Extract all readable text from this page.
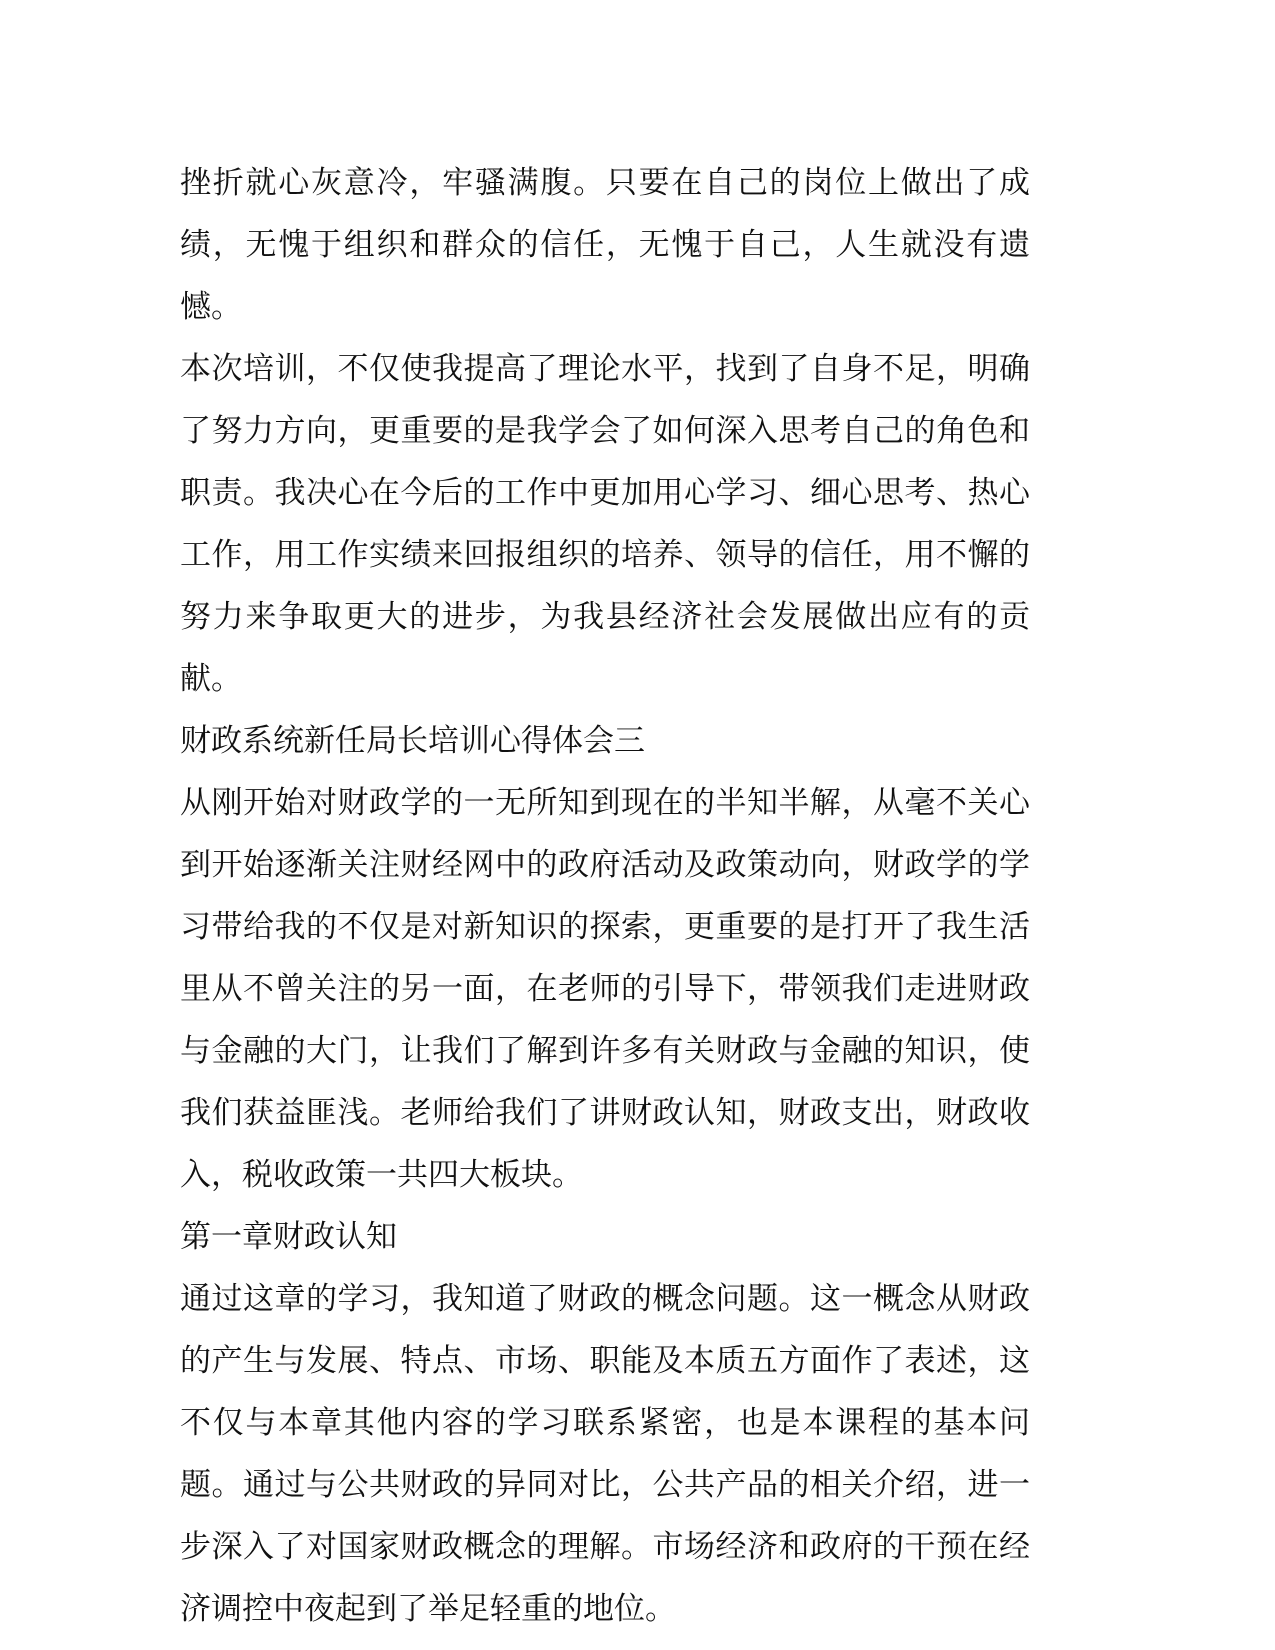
挫折就心灰意冷，牢骚满腹。只要在自己的岗位上做出了成绩，无愧于组织和群众的信任，无愧于自己，人生就没有遗憾。

本次培训，不仅使我提高了理论水平，找到了自身不足，明确了努力方向，更重要的是我学会了如何深入思考自己的角色和职责。我决心在今后的工作中更加用心学习、细心思考、热心工作，用工作实绩来回报组织的培养、领导的信任，用不懈的努力来争取更大的进步，为我县经济社会发展做出应有的贡献。

财政系统新任局长培训心得体会三

从刚开始对财政学的一无所知到现在的半知半解，从毫不关心到开始逐渐关注财经网中的政府活动及政策动向，财政学的学习带给我的不仅是对新知识的探索，更重要的是打开了我生活里从不曾关注的另一面，在老师的引导下，带领我们走进财政与金融的大门，让我们了解到许多有关财政与金融的知识，使我们获益匪浅。老师给我们了讲财政认知，财政支出，财政收入，税收政策一共四大板块。

第一章财政认知

通过这章的学习，我知道了财政的概念问题。这一概念从财政的产生与发展、特点、市场、职能及本质五方面作了表述，这不仅与本章其他内容的学习联系紧密，也是本课程的基本问题。通过与公共财政的异同对比，公共产品的相关介绍，进一步深入了对国家财政概念的理解。市场经济和政府的干预在经济调控中夜起到了举足轻重的地位。
